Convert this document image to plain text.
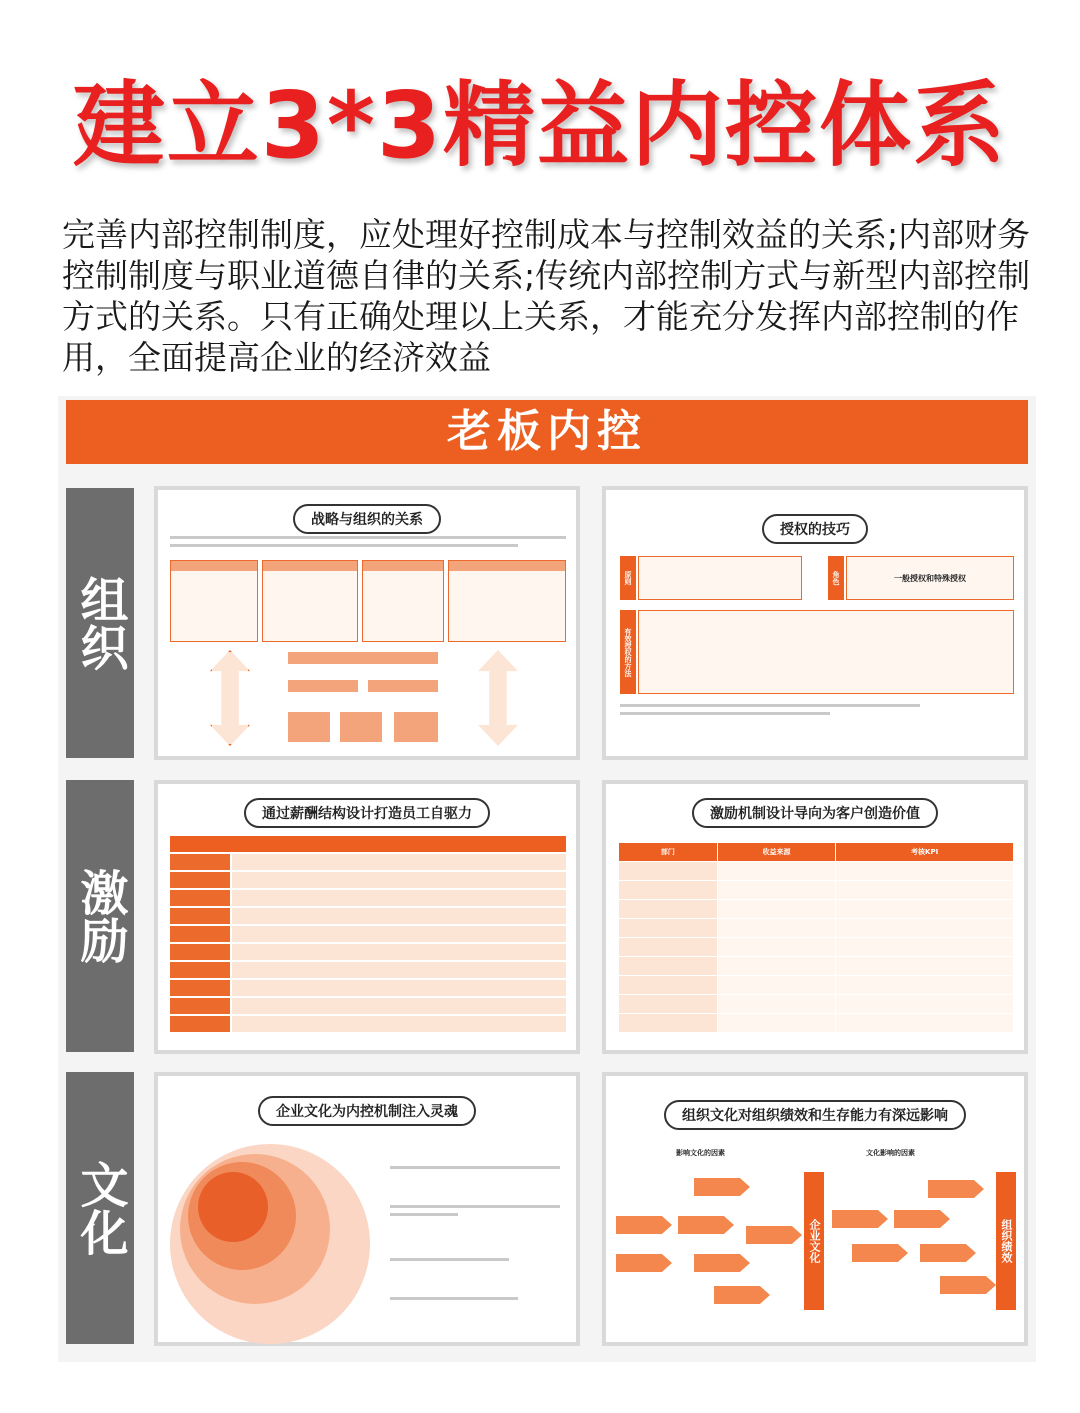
建立3*3精益内控体系
完善内部控制制度，应处理好控制成本与控制效益的关系;内部财务控制制度与职业道德自律的关系;传统内部控制方式与新型内部控制方式的关系。只有正确处理以上关系，才能充分发挥内部控制的作用，全面提高企业的经济效益
老板内控
组织
激励
文化
战略与组织的关系
授权的技巧
原则	角色	一般授权和特殊授权
有效授权的方法
通过薪酬结构设计打造员工自驱力	激励机制设计导向为客户创造价值
部门	收益来源	考核KPI

企业文化为内控机制注入灵魂	组织文化对组织绩效和生存能力有深远影响
影响文化的因素	文化影响的因素
企业文化	组织绩效
